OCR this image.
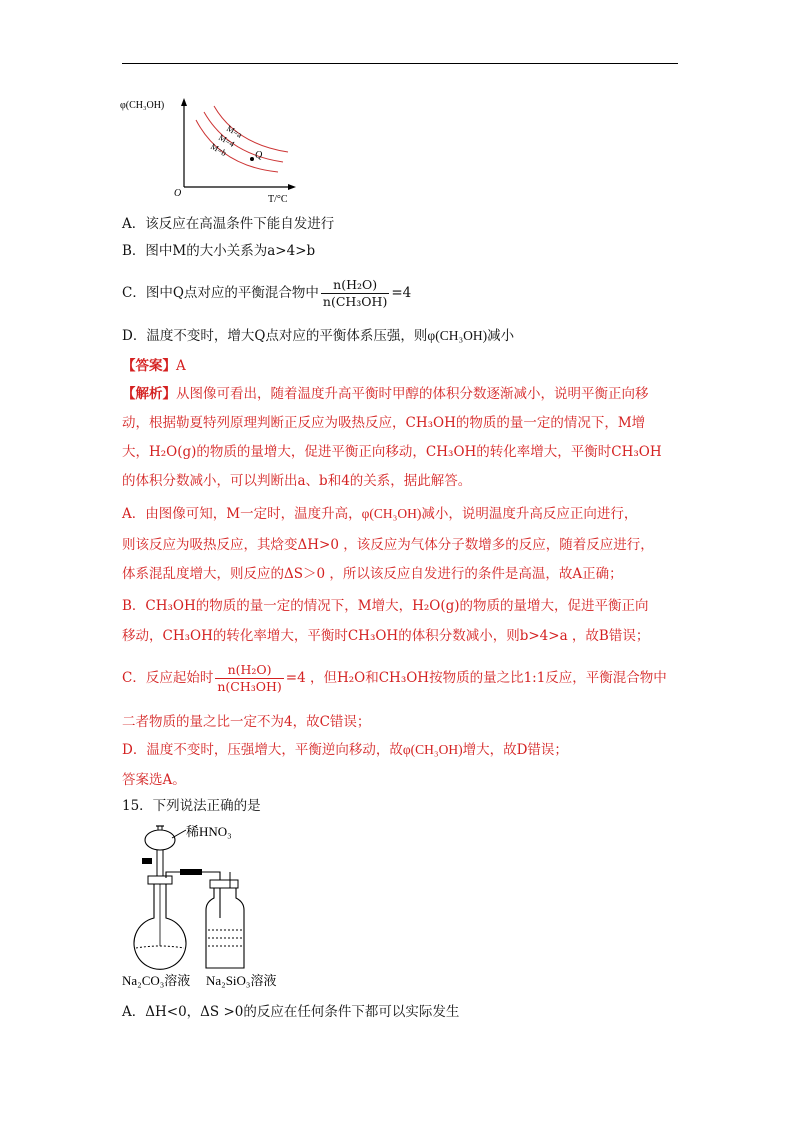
φ(CH₃OH)
O
T/°C
M=a
M=4
M=b	Q
A．该反应在高温条件下能自发进行
B．图中M的大小关系为a>4>b
C．图中Q点对应的平衡混合物中 $\frac{\text{n(H₂O)}}{\text{n(CH₃OH)}} =4$
D．温度不变时，增大Q点对应的平衡体系压强，则φ(CH₃OH)减小
【答案】A
【解析】从图像可看出，随着温度升高平衡时甲醇的体积分数逐渐减小，说明平衡正向移
动，根据勒夏特列原理判断正反应为吸热反应，CH₃OH的物质的量一定的情况下，M增
大，H₂O(g)的物质的量增大，促进平衡正向移动，CH₃OH的转化率增大，平衡时CH₃OH
的体积分数减小，可以判断出a、b和4的关系，据此解答。
A．由图像可知，M一定时，温度升高，φ(CH₃OH)减小，说明温度升高反应正向进行，
则该反应为吸热反应，其焓变ΔH>0 ，该反应为气体分子数增多的反应，随着反应进行，
体系混乱度增大，则反应的ΔS＞0 ，所以该反应自发进行的条件是高温，故A正确；
B．CH₃OH的物质的量一定的情况下，M增大，H₂O(g)的物质的量增大，促进平衡正向
移动，CH₃OH的转化率增大，平衡时CH₃OH的体积分数减小，则b>4>a ，故B错误；
C．反应起始时 $\frac{\text{n(H₂O)}}{\text{n(CH₃OH)}} =4$ ，但H₂O和CH₃OH按物质的量之比1:1反应，平衡混合物中
二者物质的量之比一定不为4，故C错误；
D．温度不变时，压强增大，平衡逆向移动，故φ(CH₃OH)增大，故D错误；
答案选A。
15．下列说法正确的是
稀HNO₃
Na₂CO₃溶液 Na₂SiO₃溶液
A．ΔH<0，ΔS >0的反应在任何条件下都可以实际发生
